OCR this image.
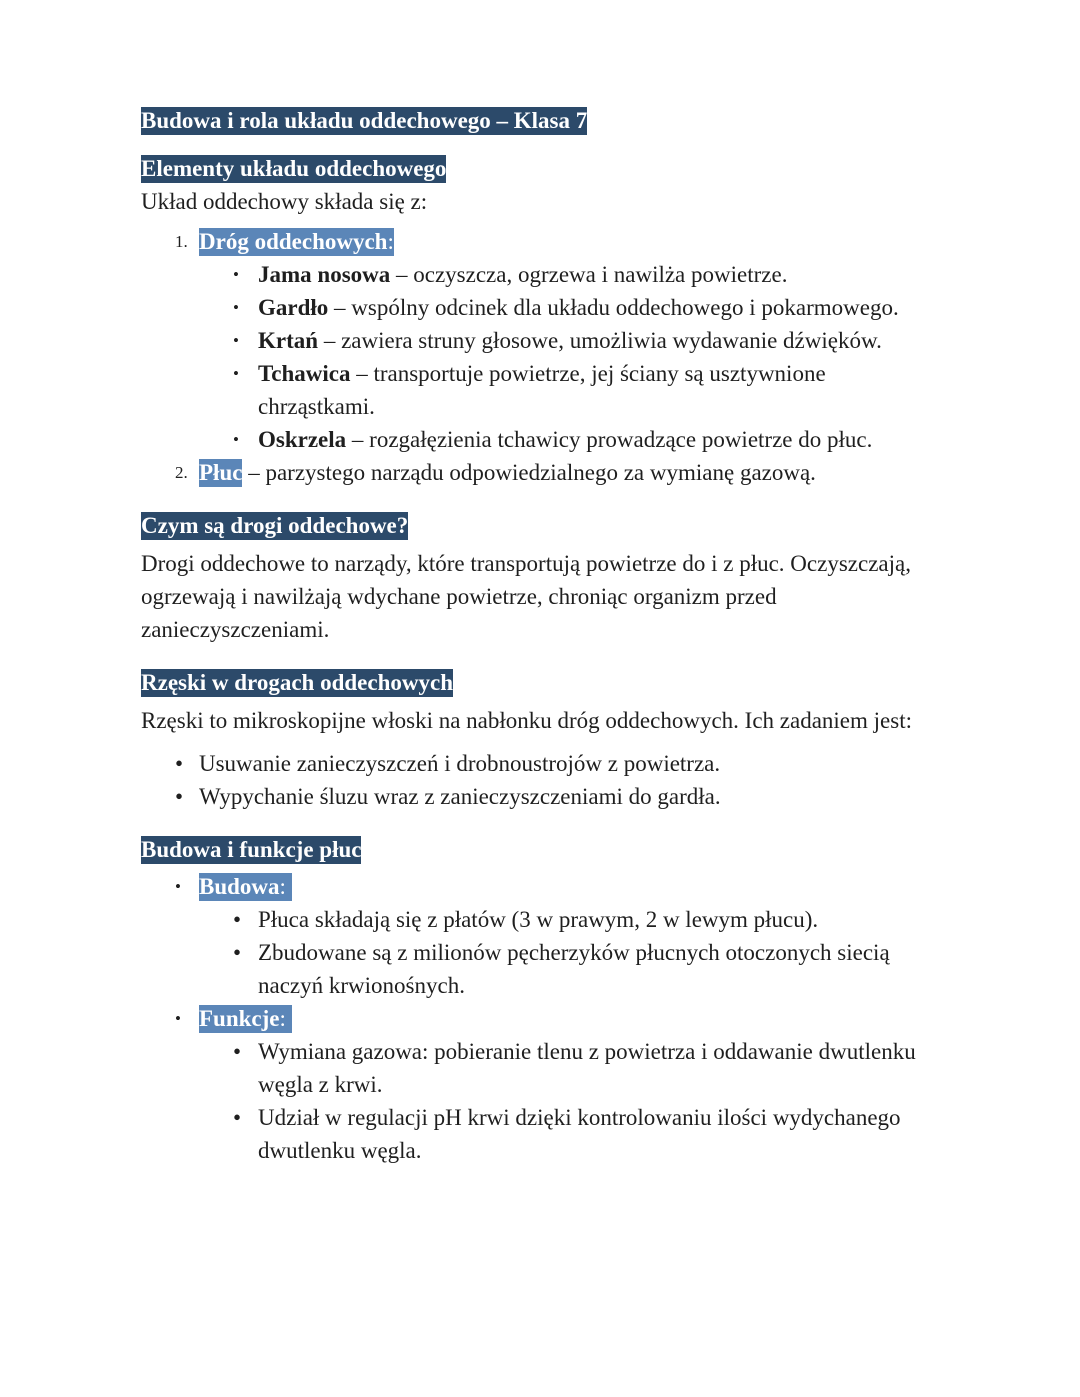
Budowa i rola układu oddechowego – Klasa 7
Elementy układu oddechowego

Układ oddechowy składa się z:

1. Dróg oddechowych:
• Jama nosowa – oczyszcza, ogrzewa i nawilża powietrze.
• Gardło – wspólny odcinek dla układu oddechowego i pokarmowego.
• Krtań – zawiera struny głosowe, umożliwia wydawanie dźwięków.
• Tchawica – transportuje powietrze, jej ściany są usztywnione chrząstkami.
• Oskrzela – rozgałęzienia tchawicy prowadzące powietrze do płuc.
2. Płuc – parzystego narządu odpowiedzialnego za wymianę gazową.
Czym są drogi oddechowe?

Drogi oddechowe to narządy, które transportują powietrze do i z płuc. Oczyszczają, ogrzewają i nawilżają wdychane powietrze, chroniąc organizm przed zanieczyszczeniami.

Rzęski w drogach oddechowych

Rzęski to mikroskopijne włoski na nabłonku dróg oddechowych. Ich zadaniem jest:

• Usuwanie zanieczyszczeń i drobnoustrojów z powietrza.
• Wypychanie śluzu wraz z zanieczyszczeniami do gardła.
Budowa i funkcje płuc
• Budowa:
• Płuca składają się z płatów (3 w prawym, 2 w lewym płucu).
• Zbudowane są z milionów pęcherzyków płucnych otoczonych siecią naczyń krwionośnych.
• Funkcje:
• Wymiana gazowa: pobieranie tlenu z powietrza i oddawanie dwutlenku węgla z krwi.
• Udział w regulacji pH krwi dzięki kontrolowaniu ilości wydychanego dwutlenku węgla.
